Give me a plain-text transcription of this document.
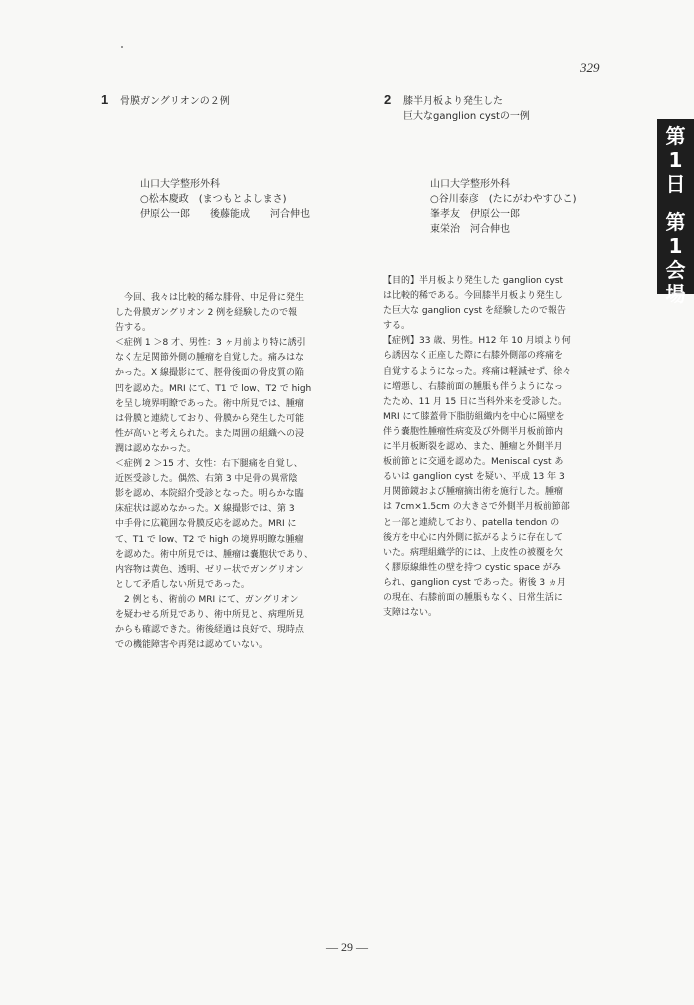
329
第
1
日
第
1
会
場
1 骨膜ガングリオンの２例	2 膝半月板より発生した
巨大なganglion cystの一例
山口大学整形外科
○松本慶政　(まつもとよしまさ)
伊原公一郎　　後藤能成　　河合伸也
山口大学整形外科
○谷川泰彦　(たにがわやすひこ)
峯孝友　伊原公一郎
東栄治　河合伸也
　今回、我々は比較的稀な腓骨、中足骨に発生
した骨膜ガングリオン 2 例を経験したので報
告する。
＜症例 1 ＞8 才、男性：3 ヶ月前より特に誘引
なく左足関節外側の腫瘤を自覚した。痛みはな
かった。X 線撮影にて、脛骨後面の骨皮質の陥
凹を認めた。MRI にて、T1 で low、T2 で high
を呈し境界明瞭であった。術中所見では、腫瘤
は骨膜と連続しており、骨膜から発生した可能
性が高いと考えられた。また周囲の組織への浸
潤は認めなかった。
＜症例 2 ＞15 才、女性：右下腿痛を自覚し、
近医受診した。偶然、右第 3 中足骨の異常陰
影を認め、本院紹介受診となった。明らかな臨
床症状は認めなかった。X 線撮影では、第 3
中手骨に広範囲な骨膜反応を認めた。MRI に
て、T1 で low、T2 で high の境界明瞭な腫瘤
を認めた。術中所見では、腫瘤は嚢胞状であり、
内容物は黄色、透明、ゼリー状でガングリオン
として矛盾しない所見であった。
　2 例とも、術前の MRI にて、ガングリオン
を疑わせる所見であり、術中所見と、病理所見
からも確認できた。術後経過は良好で、現時点
での機能障害や再発は認めていない。
【目的】半月板より発生した ganglion cyst
は比較的稀である。今回膝半月板より発生し
た巨大な ganglion cyst を経験したので報告
する。
【症例】33 歳、男性。H12 年 10 月頃より何
ら誘因なく正座した際に右膝外側部の疼痛を
自覚するようになった。疼痛は軽減せず、徐々
に増悪し、右膝前面の腫脹も伴うようになっ
たため、11 月 15 日に当科外来を受診した。
MRI にて膝蓋骨下脂肪組織内を中心に隔壁を
伴う嚢胞性腫瘤性病変及び外側半月板前節内
に半月板断裂を認め、また、腫瘤と外側半月
板前節とに交通を認めた。Meniscal cyst あ
るいは ganglion cyst を疑い、平成 13 年 3
月関節鏡および腫瘤摘出術を施行した。腫瘤
は 7cm×1.5cm の大きさで外側半月板前節部
と一部と連続しており、patella tendon の
後方を中心に内外側に拡がるように存在して
いた。病理組織学的には、上皮性の被覆を欠
く膠原線維性の壁を持つ cystic space がみ
られ、ganglion cyst であった。術後 3 ヵ月
の現在、右膝前面の腫脹もなく、日常生活に
支障はない。
— 29 —
